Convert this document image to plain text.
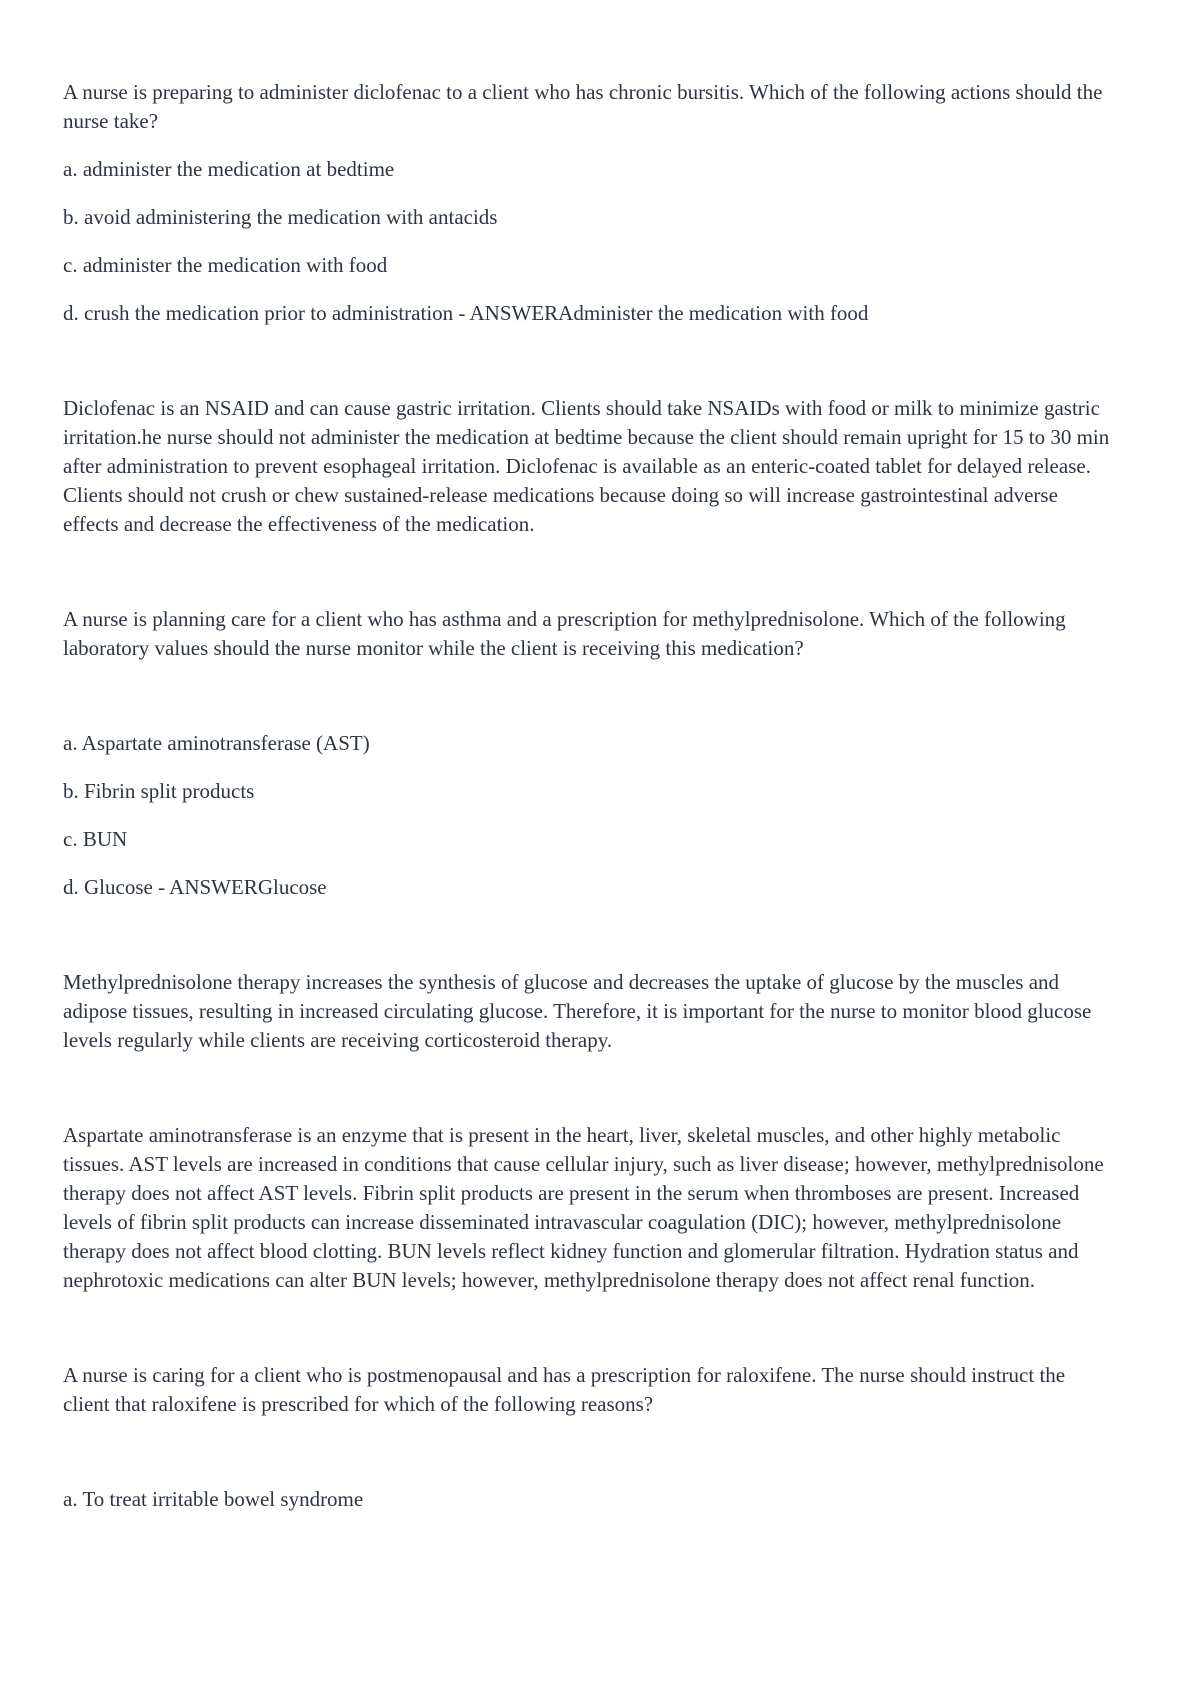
A nurse is preparing to administer diclofenac to a client who has chronic bursitis. Which of the following actions should the nurse take?

a. administer the medication at bedtime

b. avoid administering the medication with antacids

c. administer the medication with food

d. crush the medication prior to administration - ANSWERAdminister the medication with food

Diclofenac is an NSAID and can cause gastric irritation. Clients should take NSAIDs with food or milk to minimize gastric irritation.he nurse should not administer the medication at bedtime because the client should remain upright for 15 to 30 min after administration to prevent esophageal irritation. Diclofenac is available as an enteric-coated tablet for delayed release. Clients should not crush or chew sustained-release medications because doing so will increase gastrointestinal adverse effects and decrease the effectiveness of the medication.

A nurse is planning care for a client who has asthma and a prescription for methylprednisolone. Which of the following laboratory values should the nurse monitor while the client is receiving this medication?

a. Aspartate aminotransferase (AST)

b. Fibrin split products

c. BUN

d. Glucose - ANSWERGlucose

Methylprednisolone therapy increases the synthesis of glucose and decreases the uptake of glucose by the muscles and adipose tissues, resulting in increased circulating glucose. Therefore, it is important for the nurse to monitor blood glucose levels regularly while clients are receiving corticosteroid therapy.

Aspartate aminotransferase is an enzyme that is present in the heart, liver, skeletal muscles, and other highly metabolic tissues. AST levels are increased in conditions that cause cellular injury, such as liver disease; however, methylprednisolone therapy does not affect AST levels. Fibrin split products are present in the serum when thromboses are present. Increased levels of fibrin split products can increase disseminated intravascular coagulation (DIC); however, methylprednisolone therapy does not affect blood clotting. BUN levels reflect kidney function and glomerular filtration. Hydration status and nephrotoxic medications can alter BUN levels; however, methylprednisolone therapy does not affect renal function.

A nurse is caring for a client who is postmenopausal and has a prescription for raloxifene. The nurse should instruct the client that raloxifene is prescribed for which of the following reasons?

a. To treat irritable bowel syndrome
